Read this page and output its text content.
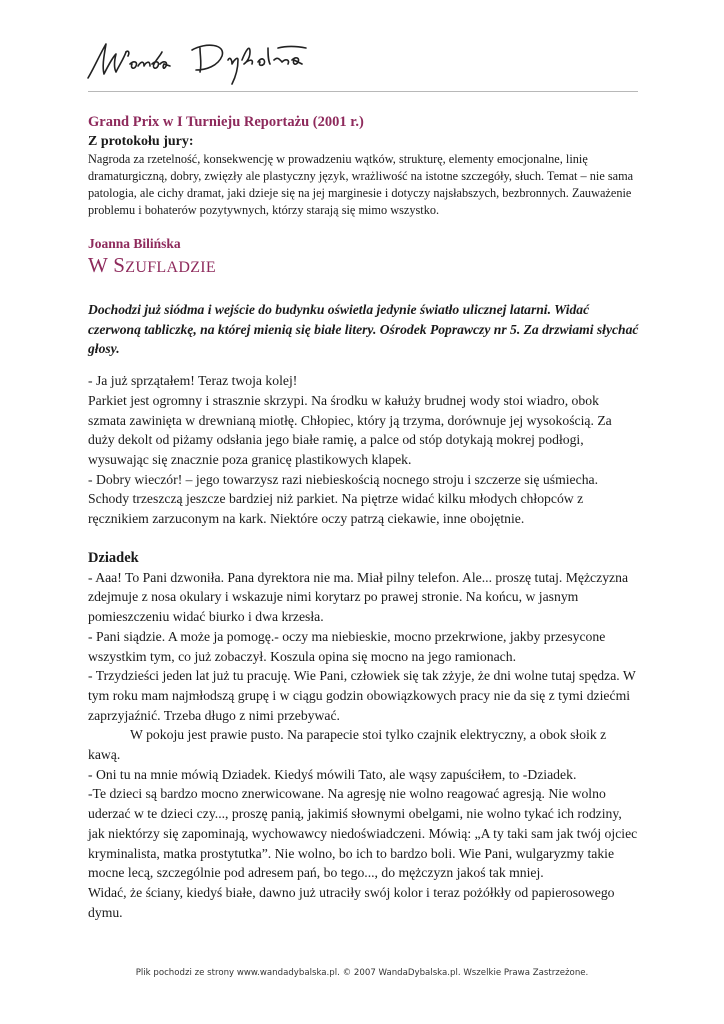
Grand Prix w I Turnieju Reportażu (2001 r.)

Z protokołu jury:

Nagroda za rzetelność, konsekwencję w prowadzeniu wątków, strukturę, elementy emocjonalne, linię dramaturgiczną, dobry, zwięzły ale plastyczny język, wrażliwość na istotne szczegóły, słuch. Temat – nie sama patologia, ale cichy dramat, jaki dzieje się na jej marginesie i dotyczy najsłabszych, bezbronnych. Zauważenie problemu i bohaterów pozytywnych, którzy starają się mimo wszystko.

Joanna Bilińska

W SZUFLADZIE

Dochodzi już siódma i wejście do budynku oświetla jedynie światło ulicznej latarni. Widać czerwoną tabliczkę, na której mienią się białe litery. Ośrodek Poprawczy nr 5. Za drzwiami słychać głosy.

- Ja już sprzątałem! Teraz twoja kolej!

Parkiet jest ogromny i strasznie skrzypi. Na środku w kałuży brudnej wody stoi wiadro, obok szmata zawinięta w drewnianą miotłę. Chłopiec, który ją trzyma, dorównuje jej wysokością. Za duży dekolt od piżamy odsłania jego białe ramię, a palce od stóp dotykają mokrej podłogi, wysuwając się znacznie poza granicę plastikowych klapek.

- Dobry wieczór! – jego towarzysz razi niebieskością nocnego stroju i szczerze się uśmiecha. Schody trzeszczą jeszcze bardziej niż parkiet. Na piętrze widać kilku młodych chłopców z ręcznikiem zarzuconym na kark. Niektóre oczy patrzą ciekawie, inne obojętnie.

Dziadek

- Aaa! To Pani dzwoniła. Pana dyrektora nie ma. Miał pilny telefon. Ale... proszę tutaj. Mężczyzna zdejmuje z nosa okulary i wskazuje nimi korytarz po prawej stronie. Na końcu, w jasnym pomieszczeniu widać biurko i dwa krzesła.

- Pani siądzie. A może ja pomogę.- oczy ma niebieskie, mocno przekrwione, jakby przesycone wszystkim tym, co już zobaczył. Koszula opina się mocno na jego ramionach.

- Trzydzieści jeden lat już tu pracuję. Wie Pani, człowiek się tak zżyje, że dni wolne tutaj spędza. W tym roku mam najmłodszą grupę i w ciągu godzin obowiązkowych pracy nie da się z tymi dziećmi zaprzyjaźnić. Trzeba długo z nimi przebywać.

W pokoju jest prawie pusto. Na parapecie stoi tylko czajnik elektryczny, a obok słoik z kawą.

- Oni tu na mnie mówią Dziadek. Kiedyś mówili Tato, ale wąsy zapuściłem, to -Dziadek.

-Te dzieci są bardzo mocno znerwicowane. Na agresję nie wolno reagować agresją. Nie wolno uderzać w te dzieci czy..., proszę panią, jakimiś słownymi obelgami, nie wolno tykać ich rodziny, jak niektórzy się zapominają, wychowawcy niedoświadczeni. Mówią: „A ty taki sam jak twój ojciec kryminalista, matka prostytutka”. Nie wolno, bo ich to bardzo boli. Wie Pani, wulgaryzmy takie mocne lecą, szczególnie pod adresem pań, bo tego..., do mężczyzn jakoś tak mniej.

Widać, że ściany, kiedyś białe, dawno już utraciły swój kolor i teraz pożółkły od papierosowego dymu.

Plik pochodzi ze strony www.wandadybalska.pl. © 2007 WandaDybalska.pl. Wszelkie Prawa Zastrzeżone.
